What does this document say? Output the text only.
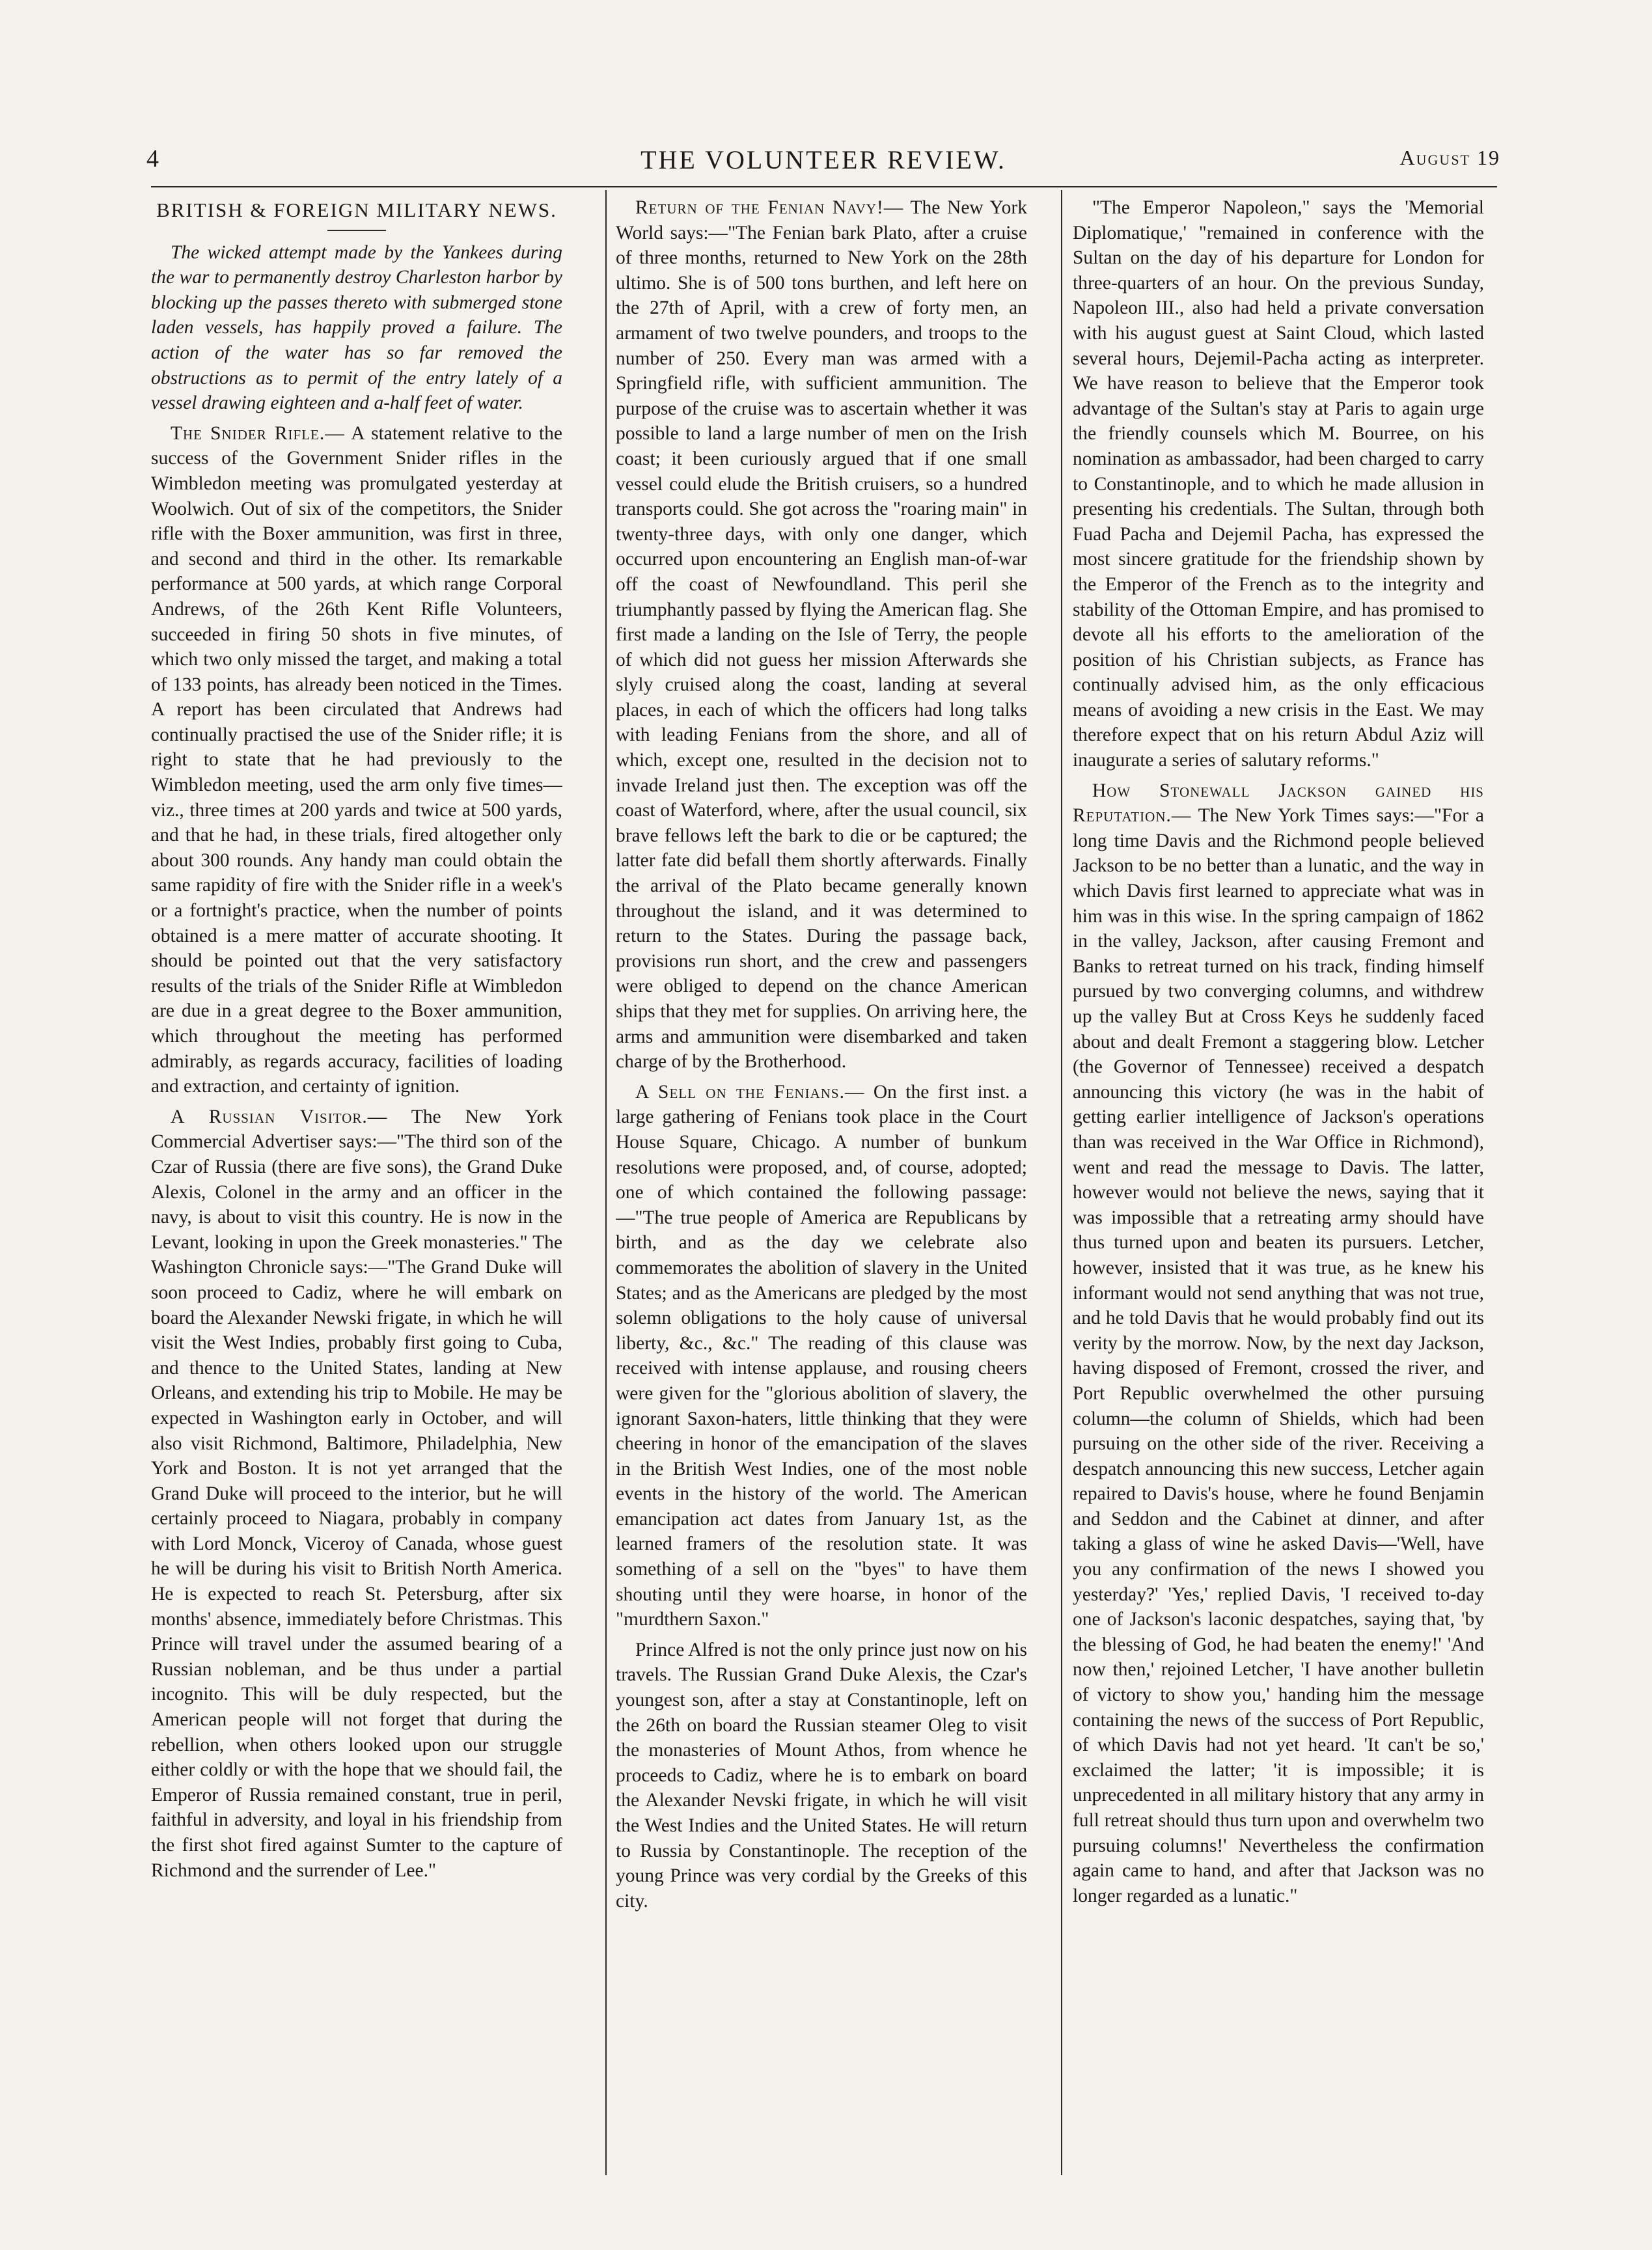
4	THE VOLUNTEER REVIEW.	August 19
BRITISH & FOREIGN MILITARY NEWS.

The wicked attempt made by the Yankees during the war to permanently destroy Charleston harbor by blocking up the passes thereto with submerged stone laden vessels, has happily proved a failure. The action of the water has so far removed the obstructions as to permit of the entry lately of a vessel drawing eighteen and a-half feet of water.

The Snider Rifle.— A statement relative to the success of the Government Snider rifles in the Wimbledon meeting was promulgated yesterday at Woolwich. Out of six of the competitors, the Snider rifle with the Boxer ammunition, was first in three, and second and third in the other. Its remarkable performance at 500 yards, at which range Corporal Andrews, of the 26th Kent Rifle Volunteers, succeeded in firing 50 shots in five minutes, of which two only missed the target, and making a total of 133 points, has already been noticed in the Times. A report has been circulated that Andrews had continually practised the use of the Snider rifle; it is right to state that he had previously to the Wimbledon meeting, used the arm only five times—viz., three times at 200 yards and twice at 500 yards, and that he had, in these trials, fired altogether only about 300 rounds. Any handy man could obtain the same rapidity of fire with the Snider rifle in a week's or a fortnight's practice, when the number of points obtained is a mere matter of accurate shooting. It should be pointed out that the very satisfactory results of the trials of the Snider Rifle at Wimbledon are due in a great degree to the Boxer ammunition, which throughout the meeting has performed admirably, as regards accuracy, facilities of loading and extraction, and certainty of ignition.

A Russian Visitor.— The New York Commercial Advertiser says:—"The third son of the Czar of Russia (there are five sons), the Grand Duke Alexis, Colonel in the army and an officer in the navy, is about to visit this country. He is now in the Levant, looking in upon the Greek monasteries." The Washington Chronicle says:—"The Grand Duke will soon proceed to Cadiz, where he will embark on board the Alexander Newski frigate, in which he will visit the West Indies, probably first going to Cuba, and thence to the United States, landing at New Orleans, and extending his trip to Mobile. He may be expected in Washington early in October, and will also visit Richmond, Baltimore, Philadelphia, New York and Boston. It is not yet arranged that the Grand Duke will proceed to the interior, but he will certainly proceed to Niagara, probably in company with Lord Monck, Viceroy of Canada, whose guest he will be during his visit to British North America. He is expected to reach St. Petersburg, after six months' absence, immediately before Christmas. This Prince will travel under the assumed bearing of a Russian nobleman, and be thus under a partial incognito. This will be duly respected, but the American people will not forget that during the rebellion, when others looked upon our struggle either coldly or with the hope that we should fail, the Emperor of Russia remained constant, true in peril, faithful in adversity, and loyal in his friendship from the first shot fired against Sumter to the capture of Richmond and the surrender of Lee."

Return of the Fenian Navy!— The New York World says:—"The Fenian bark Plato, after a cruise of three months, returned to New York on the 28th ultimo. She is of 500 tons burthen, and left here on the 27th of April, with a crew of forty men, an armament of two twelve pounders, and troops to the number of 250. Every man was armed with a Springfield rifle, with sufficient ammunition. The purpose of the cruise was to ascertain whether it was possible to land a large number of men on the Irish coast; it been curiously argued that if one small vessel could elude the British cruisers, so a hundred transports could. She got across the "roaring main" in twenty-three days, with only one danger, which occurred upon encountering an English man-of-war off the coast of Newfoundland. This peril she triumphantly passed by flying the American flag. She first made a landing on the Isle of Terry, the people of which did not guess her mission Afterwards she slyly cruised along the coast, landing at several places, in each of which the officers had long talks with leading Fenians from the shore, and all of which, except one, resulted in the decision not to invade Ireland just then. The exception was off the coast of Waterford, where, after the usual council, six brave fellows left the bark to die or be captured; the latter fate did befall them shortly afterwards. Finally the arrival of the Plato became generally known throughout the island, and it was determined to return to the States. During the passage back, provisions run short, and the crew and passengers were obliged to depend on the chance American ships that they met for supplies. On arriving here, the arms and ammunition were disembarked and taken charge of by the Brotherhood.

A Sell on the Fenians.— On the first inst. a large gathering of Fenians took place in the Court House Square, Chicago. A number of bunkum resolutions were proposed, and, of course, adopted; one of which contained the following passage:—"The true people of America are Republicans by birth, and as the day we celebrate also commemorates the abolition of slavery in the United States; and as the Americans are pledged by the most solemn obligations to the holy cause of universal liberty, &c., &c." The reading of this clause was received with intense applause, and rousing cheers were given for the "glorious abolition of slavery, the ignorant Saxon-haters, little thinking that they were cheering in honor of the emancipation of the slaves in the British West Indies, one of the most noble events in the history of the world. The American emancipation act dates from January 1st, as the learned framers of the resolution state. It was something of a sell on the "byes" to have them shouting until they were hoarse, in honor of the "murdthern Saxon."

Prince Alfred is not the only prince just now on his travels. The Russian Grand Duke Alexis, the Czar's youngest son, after a stay at Constantinople, left on the 26th on board the Russian steamer Oleg to visit the monasteries of Mount Athos, from whence he proceeds to Cadiz, where he is to embark on board the Alexander Nevski frigate, in which he will visit the West Indies and the United States. He will return to Russia by Constantinople. The reception of the young Prince was very cordial by the Greeks of this city.

"The Emperor Napoleon," says the 'Memorial Diplomatique,' "remained in conference with the Sultan on the day of his departure for London for three-quarters of an hour. On the previous Sunday, Napoleon III., also had held a private conversation with his august guest at Saint Cloud, which lasted several hours, Dejemil-Pacha acting as interpreter. We have reason to believe that the Emperor took advantage of the Sultan's stay at Paris to again urge the friendly counsels which M. Bourree, on his nomination as ambassador, had been charged to carry to Constantinople, and to which he made allusion in presenting his credentials. The Sultan, through both Fuad Pacha and Dejemil Pacha, has expressed the most sincere gratitude for the friendship shown by the Emperor of the French as to the integrity and stability of the Ottoman Empire, and has promised to devote all his efforts to the amelioration of the position of his Christian subjects, as France has continually advised him, as the only efficacious means of avoiding a new crisis in the East. We may therefore expect that on his return Abdul Aziz will inaugurate a series of salutary reforms."

How Stonewall Jackson gained his Reputation.— The New York Times says:—"For a long time Davis and the Richmond people believed Jackson to be no better than a lunatic, and the way in which Davis first learned to appreciate what was in him was in this wise. In the spring campaign of 1862 in the valley, Jackson, after causing Fremont and Banks to retreat turned on his track, finding himself pursued by two converging columns, and withdrew up the valley But at Cross Keys he suddenly faced about and dealt Fremont a staggering blow. Letcher (the Governor of Tennessee) received a despatch announcing this victory (he was in the habit of getting earlier intelligence of Jackson's operations than was received in the War Office in Richmond), went and read the message to Davis. The latter, however would not believe the news, saying that it was impossible that a retreating army should have thus turned upon and beaten its pursuers. Letcher, however, insisted that it was true, as he knew his informant would not send anything that was not true, and he told Davis that he would probably find out its verity by the morrow. Now, by the next day Jackson, having disposed of Fremont, crossed the river, and Port Republic overwhelmed the other pursuing column—the column of Shields, which had been pursuing on the other side of the river. Receiving a despatch announcing this new success, Letcher again repaired to Davis's house, where he found Benjamin and Seddon and the Cabinet at dinner, and after taking a glass of wine he asked Davis—'Well, have you any confirmation of the news I showed you yesterday?' 'Yes,' replied Davis, 'I received to-day one of Jackson's laconic despatches, saying that, 'by the blessing of God, he had beaten the enemy!' 'And now then,' rejoined Letcher, 'I have another bulletin of victory to show you,' handing him the message containing the news of the success of Port Republic, of which Davis had not yet heard. 'It can't be so,' exclaimed the latter; 'it is impossible; it is unprecedented in all military history that any army in full retreat should thus turn upon and overwhelm two pursuing columns!' Nevertheless the confirmation again came to hand, and after that Jackson was no longer regarded as a lunatic."
